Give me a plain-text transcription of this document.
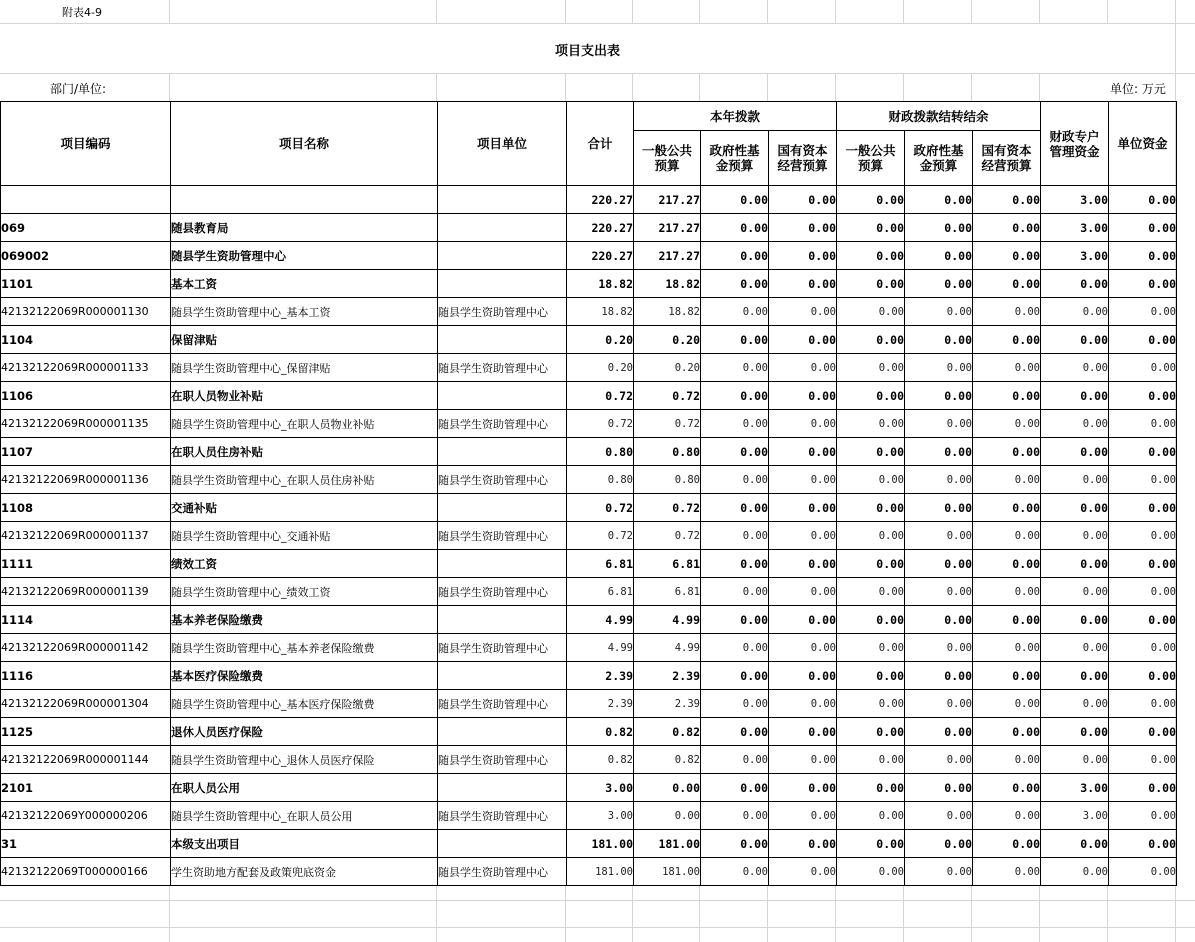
附表4-9
项目支出表
部门/单位:	单位: 万元
项目编码	项目名称	项目单位	合计	本年拨款			财政拨款结转结余			财政专户管理资金	单位资金
				一般公共预算	政府性基金预算	国有资本经营预算	一般公共预算	政府性基金预算	国有资本经营预算		
			220.27	217.27	0.00	0.00	0.00	0.00	0.00	3.00	0.00
069	随县教育局		220.27	217.27	0.00	0.00	0.00	0.00	0.00	3.00	0.00
069002	随县学生资助管理中心		220.27	217.27	0.00	0.00	0.00	0.00	0.00	3.00	0.00
1101	基本工资		18.82	18.82	0.00	0.00	0.00	0.00	0.00	0.00	0.00
42132122069R000001130	随县学生资助管理中心_基本工资	随县学生资助管理中心	18.82	18.82	0.00	0.00	0.00	0.00	0.00	0.00	0.00
1104	保留津贴		0.20	0.20	0.00	0.00	0.00	0.00	0.00	0.00	0.00
42132122069R000001133	随县学生资助管理中心_保留津贴	随县学生资助管理中心	0.20	0.20	0.00	0.00	0.00	0.00	0.00	0.00	0.00
1106	在职人员物业补贴		0.72	0.72	0.00	0.00	0.00	0.00	0.00	0.00	0.00
42132122069R000001135	随县学生资助管理中心_在职人员物业补贴	随县学生资助管理中心	0.72	0.72	0.00	0.00	0.00	0.00	0.00	0.00	0.00
1107	在职人员住房补贴		0.80	0.80	0.00	0.00	0.00	0.00	0.00	0.00	0.00
42132122069R000001136	随县学生资助管理中心_在职人员住房补贴	随县学生资助管理中心	0.80	0.80	0.00	0.00	0.00	0.00	0.00	0.00	0.00
1108	交通补贴		0.72	0.72	0.00	0.00	0.00	0.00	0.00	0.00	0.00
42132122069R000001137	随县学生资助管理中心_交通补贴	随县学生资助管理中心	0.72	0.72	0.00	0.00	0.00	0.00	0.00	0.00	0.00
1111	绩效工资		6.81	6.81	0.00	0.00	0.00	0.00	0.00	0.00	0.00
42132122069R000001139	随县学生资助管理中心_绩效工资	随县学生资助管理中心	6.81	6.81	0.00	0.00	0.00	0.00	0.00	0.00	0.00
1114	基本养老保险缴费		4.99	4.99	0.00	0.00	0.00	0.00	0.00	0.00	0.00
42132122069R000001142	随县学生资助管理中心_基本养老保险缴费	随县学生资助管理中心	4.99	4.99	0.00	0.00	0.00	0.00	0.00	0.00	0.00
1116	基本医疗保险缴费		2.39	2.39	0.00	0.00	0.00	0.00	0.00	0.00	0.00
42132122069R000001304	随县学生资助管理中心_基本医疗保险缴费	随县学生资助管理中心	2.39	2.39	0.00	0.00	0.00	0.00	0.00	0.00	0.00
1125	退休人员医疗保险		0.82	0.82	0.00	0.00	0.00	0.00	0.00	0.00	0.00
42132122069R000001144	随县学生资助管理中心_退休人员医疗保险	随县学生资助管理中心	0.82	0.82	0.00	0.00	0.00	0.00	0.00	0.00	0.00
2101	在职人员公用		3.00	0.00	0.00	0.00	0.00	0.00	0.00	3.00	0.00
42132122069Y000000206	随县学生资助管理中心_在职人员公用	随县学生资助管理中心	3.00	0.00	0.00	0.00	0.00	0.00	0.00	3.00	0.00
31	本级支出项目		181.00	181.00	0.00	0.00	0.00	0.00	0.00	0.00	0.00
42132122069T000000166	学生资助地方配套及政策兜底资金	随县学生资助管理中心	181.00	181.00	0.00	0.00	0.00	0.00	0.00	0.00	0.00
